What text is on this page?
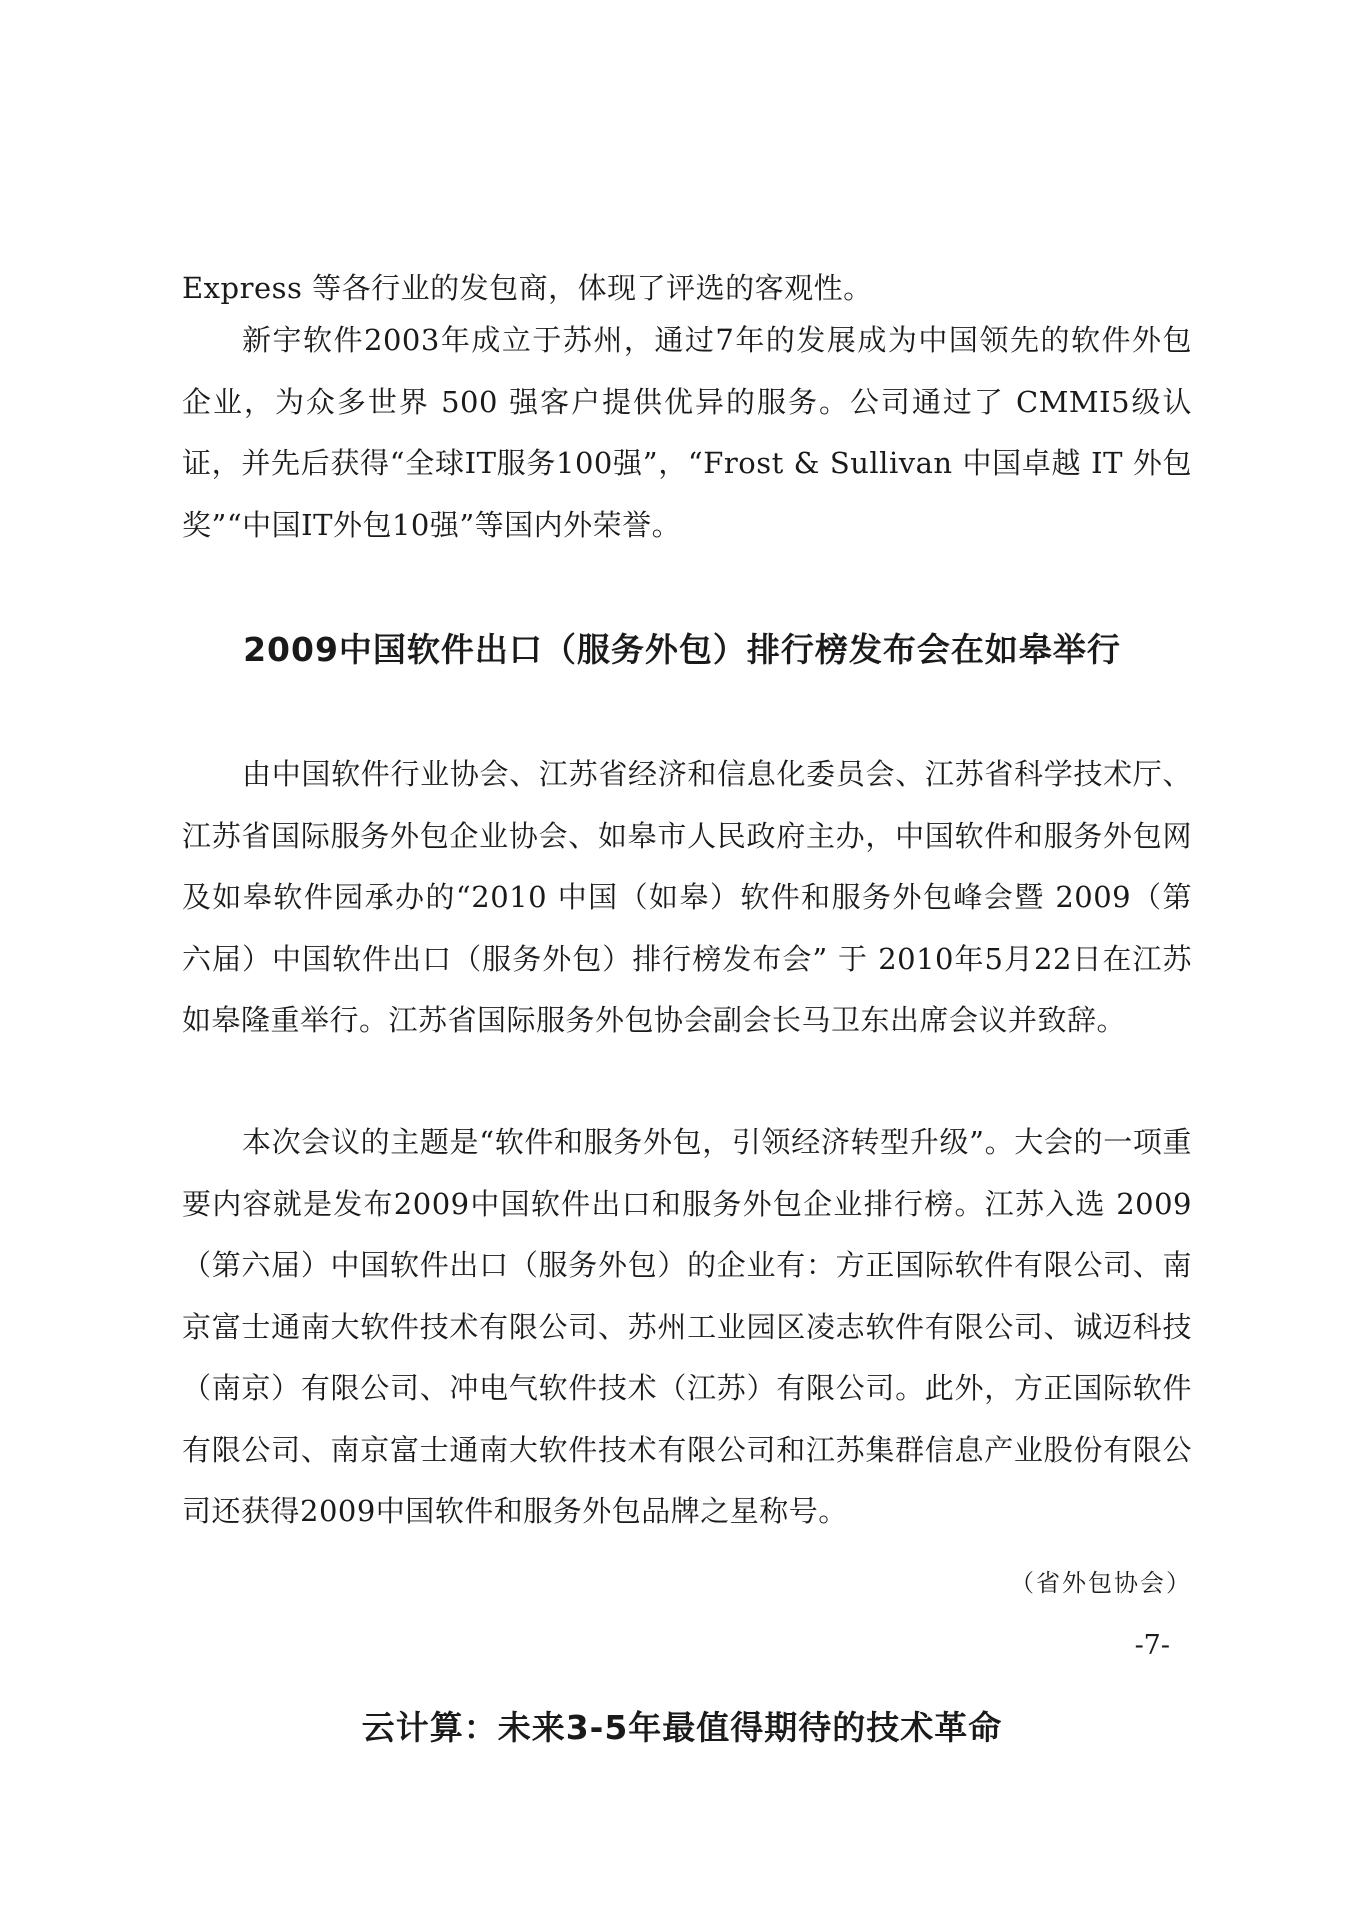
Express 等各行业的发包商，体现了评选的客观性。

新宇软件2003年成立于苏州，通过7年的发展成为中国领先的软件外包企业，为众多世界 500 强客户提供优异的服务。公司通过了 CMMI5级认证，并先后获得“全球IT服务100强”，“Frost & Sullivan 中国卓越 IT 外包奖”“中国IT外包10强”等国内外荣誉。

2009中国软件出口（服务外包）排行榜发布会在如皋举行

由中国软件行业协会、江苏省经济和信息化委员会、江苏省科学技术厅、江苏省国际服务外包企业协会、如皋市人民政府主办，中国软件和服务外包网及如皋软件园承办的“2010 中国（如皋）软件和服务外包峰会暨 2009（第六届）中国软件出口（服务外包）排行榜发布会” 于 2010年5月22日在江苏如皋隆重举行。江苏省国际服务外包协会副会长马卫东出席会议并致辞。

本次会议的主题是“软件和服务外包，引领经济转型升级”。大会的一项重要内容就是发布2009中国软件出口和服务外包企业排行榜。江苏入选 2009（第六届）中国软件出口（服务外包）的企业有：方正国际软件有限公司、南京富士通南大软件技术有限公司、苏州工业园区凌志软件有限公司、诚迈科技（南京）有限公司、冲电气软件技术（江苏）有限公司。此外，方正国际软件有限公司、南京富士通南大软件技术有限公司和江苏集群信息产业股份有限公司还获得2009中国软件和服务外包品牌之星称号。

（省外包协会）

-7-

云计算：未来3-5年最值得期待的技术革命
